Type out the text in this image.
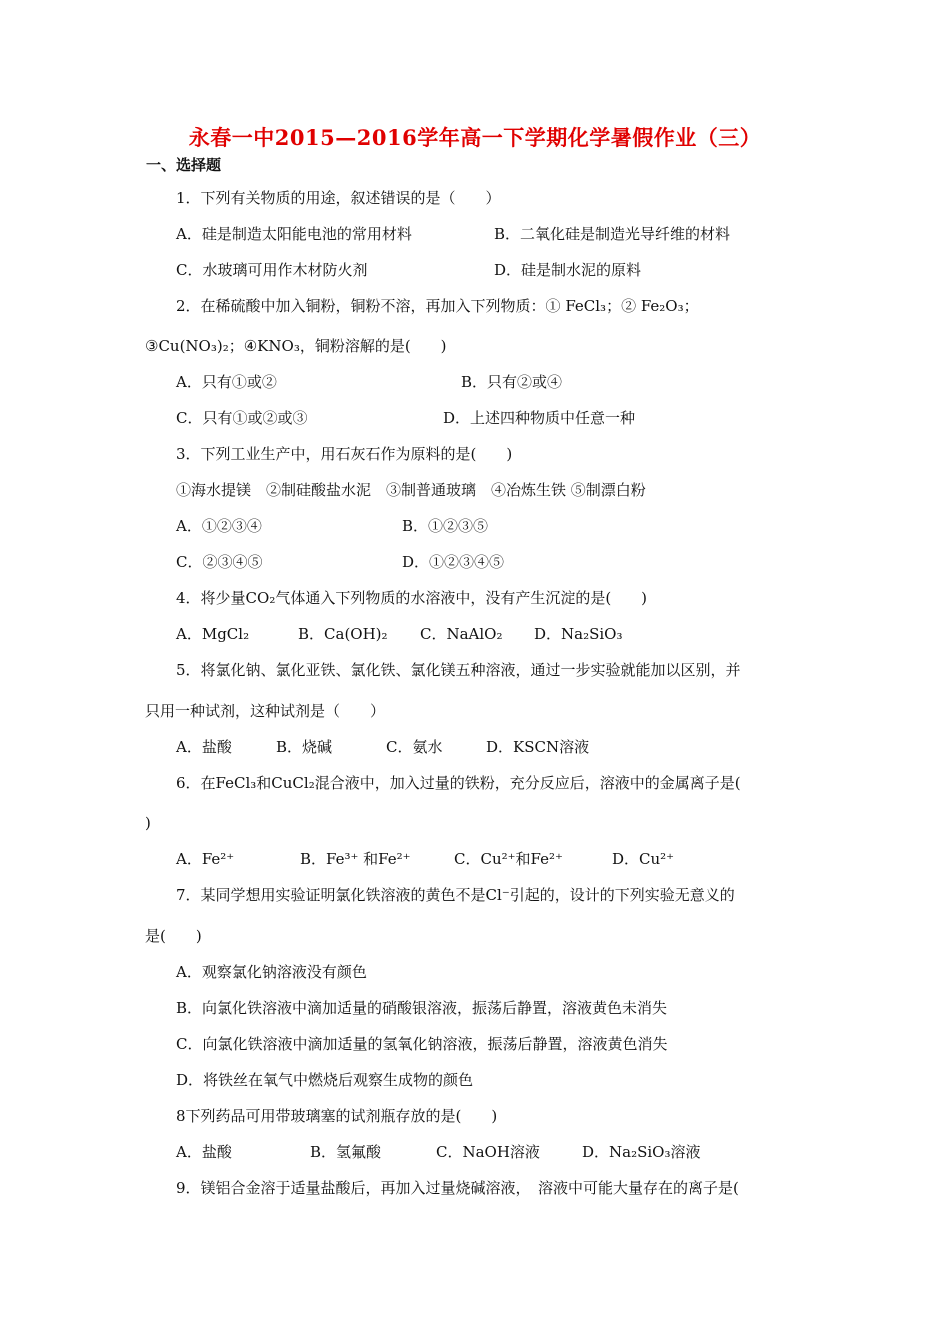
永春一中2015—2016学年高一下学期化学暑假作业（三）
一、选择题
1．下列有关物质的用途，叙述错误的是（　　）
A．硅是制造太阳能电池的常用材料	B．二氧化硅是制造光导纤维的材料
C．水玻璃可用作木材防火剂	D．硅是制水泥的原料
2．在稀硫酸中加入铜粉，铜粉不溶，再加入下列物质：① FeCl₃；② Fe₂O₃；
③Cu(NO₃)₂；④KNO₃，铜粉溶解的是(　　)
A．只有①或②	B．只有②或④
C．只有①或②或③	D．上述四种物质中任意一种
3．下列工业生产中，用石灰石作为原料的是(　　)
①海水提镁　②制硅酸盐水泥　③制普通玻璃　④冶炼生铁 ⑤制漂白粉
A．①②③④	B．①②③⑤
C．②③④⑤	D．①②③④⑤
4．将少量CO₂气体通入下列物质的水溶液中，没有产生沉淀的是(　　)
A．MgCl₂	B．Ca(OH)₂ C．NaAlO₂ D．Na₂SiO₃
5．将氯化钠、氯化亚铁、氯化铁、氯化镁五种溶液，通过一步实验就能加以区别，并
只用一种试剂，这种试剂是（　　）
A．盐酸	B．烧碱	C．氨水	D．KSCN溶液
6．在FeCl₃和CuCl₂混合液中，加入过量的铁粉，充分反应后，溶液中的金属离子是(
)
A．Fe²⁺	B．Fe³⁺ 和Fe²⁺	C．Cu²⁺和Fe²⁺	D．Cu²⁺
7．某同学想用实验证明氯化铁溶液的黄色不是Cl⁻引起的，设计的下列实验无意义的
是(　　)
A．观察氯化钠溶液没有颜色
B．向氯化铁溶液中滴加适量的硝酸银溶液，振荡后静置，溶液黄色未消失
C．向氯化铁溶液中滴加适量的氢氧化钠溶液，振荡后静置，溶液黄色消失
D．将铁丝在氧气中燃烧后观察生成物的颜色
8下列药品可用带玻璃塞的试剂瓶存放的是(　　)
A．盐酸	B．氢氟酸	C．NaOH溶液	D．Na₂SiO₃溶液
9．镁铝合金溶于适量盐酸后，再加入过量烧碱溶液，　溶液中可能大量存在的离子是(
